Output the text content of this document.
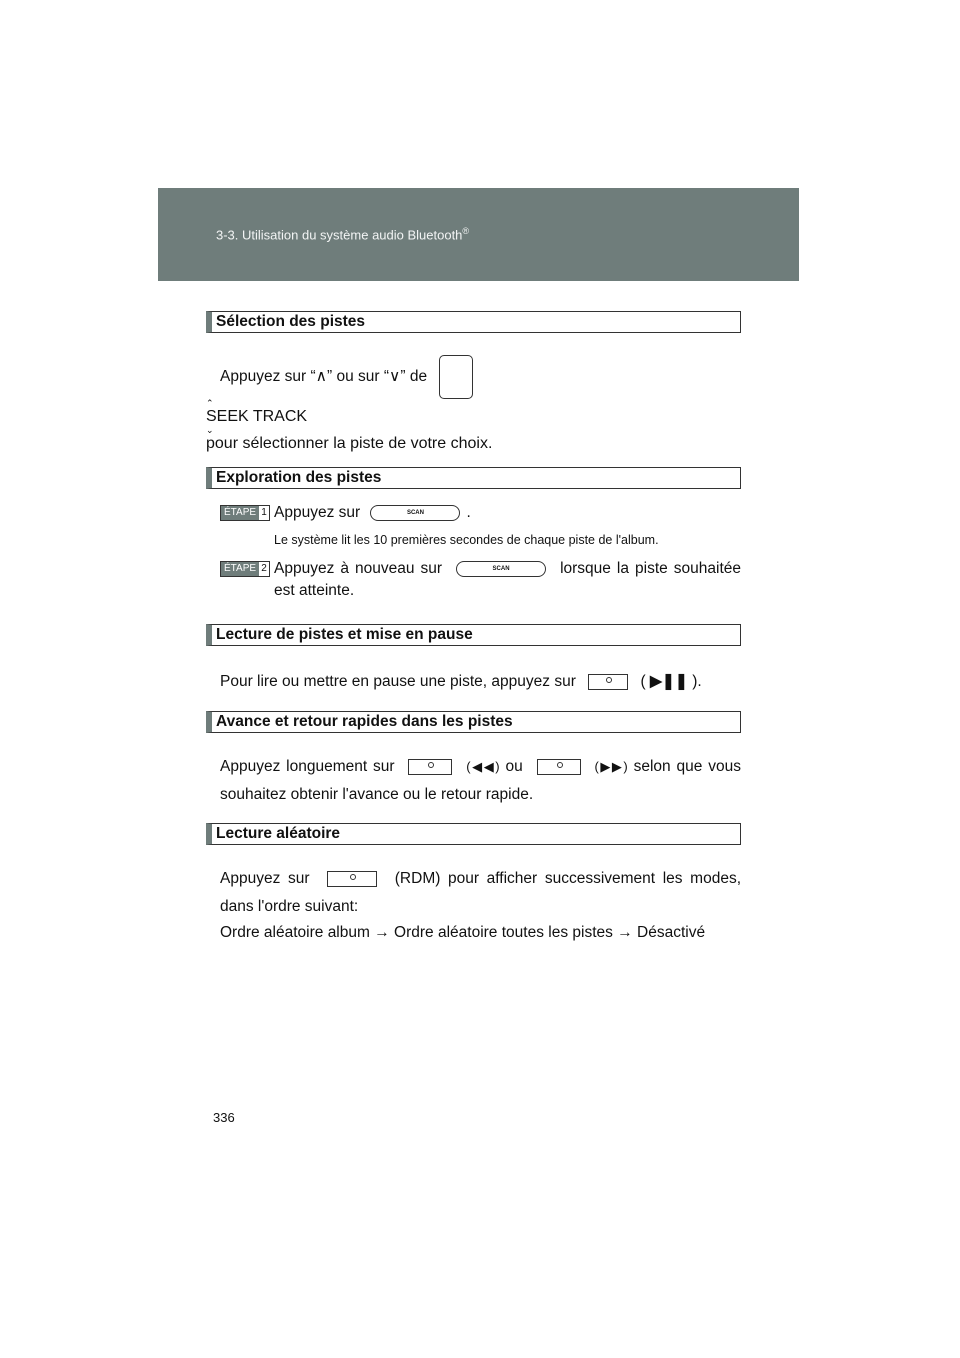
3-3. Utilisation du système audio Bluetooth®
Sélection des pistes

Appuyez sur “∧” ou sur “∨” de

⌃
SEEK TRACK
⌄
pour sélectionner la piste de votre choix.

Exploration des pistes
ÉTAPE 1 Appuyez sur	SCAN	.

Le système lit les 10 premières secondes de chaque piste de l'album.
ÉTAPE 2 Appuyez à nouveau sur	SCAN	lorsque la piste souhaitée est atteinte.

Lecture de pistes et mise en pause

Pour lire ou mettre en pause une piste, appuyez sur	( ▶❚❚ ).

Avance et retour rapides dans les pistes

Appuyez longuement sur	(◀◀) ou	(▶▶) selon que vous souhaitez obtenir l'avance ou le retour rapide.

Lecture aléatoire

Appuyez sur	(RDM) pour afficher successivement les modes, dans l'ordre suivant:

Ordre aléatoire album → Ordre aléatoire toutes les pistes → Désactivé

336
